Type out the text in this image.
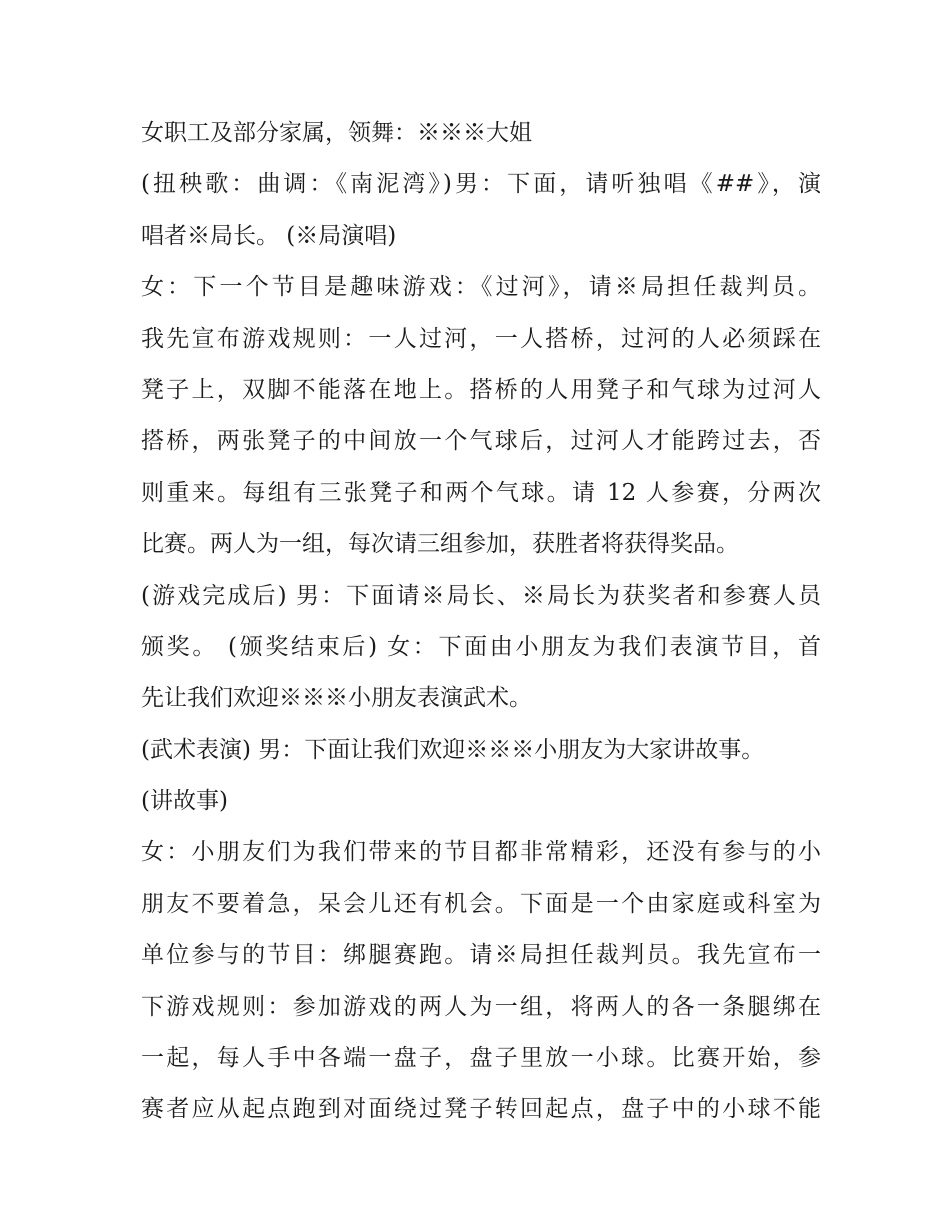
女职工及部分家属，领舞：※※※大姐
(扭秧歌：曲调：《南泥湾》)男：下面，请听独唱《##》，演
唱者※局长。 (※局演唱)
女：下一个节目是趣味游戏：《过河》，请※局担任裁判员。
我先宣布游戏规则：一人过河，一人搭桥，过河的人必须踩在
凳子上，双脚不能落在地上。搭桥的人用凳子和气球为过河人
搭桥，两张凳子的中间放一个气球后，过河人才能跨过去，否
则重来。每组有三张凳子和两个气球。请 12 人参赛，分两次
比赛。两人为一组，每次请三组参加，获胜者将获得奖品。
(游戏完成后) 男：下面请※局长、※局长为获奖者和参赛人员
颁奖。 (颁奖结束后) 女：下面由小朋友为我们表演节目，首
先让我们欢迎※※※小朋友表演武术。
(武术表演) 男：下面让我们欢迎※※※小朋友为大家讲故事。
(讲故事)
女：小朋友们为我们带来的节目都非常精彩，还没有参与的小
朋友不要着急，呆会儿还有机会。下面是一个由家庭或科室为
单位参与的节目：绑腿赛跑。请※局担任裁判员。我先宣布一
下游戏规则：参加游戏的两人为一组，将两人的各一条腿绑在
一起，每人手中各端一盘子，盘子里放一小球。比赛开始，参
赛者应从起点跑到对面绕过凳子转回起点，盘子中的小球不能
